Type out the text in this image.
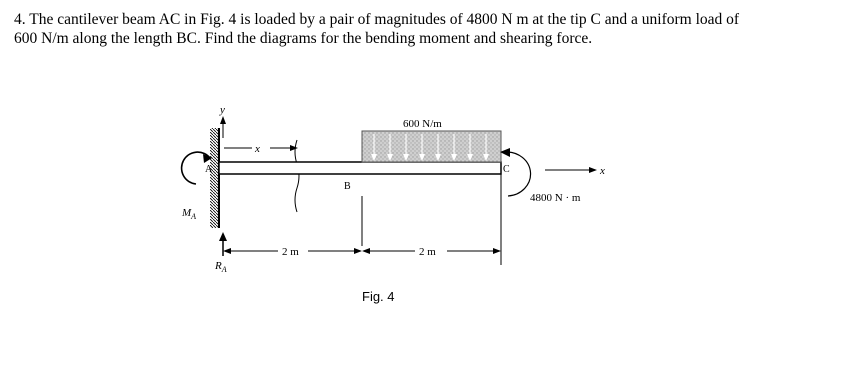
4. The cantilever beam AC in Fig. 4 is loaded by a pair of magnitudes of 4800 N m at the tip C and a uniform load of
600 N/m along the length BC. Find the diagrams for the bending moment and shearing force.
y
x
600 N/m
A
$M_A$
$R_A$
B
C
4800 N · m
x
2 m	2 m
Fig. 4
